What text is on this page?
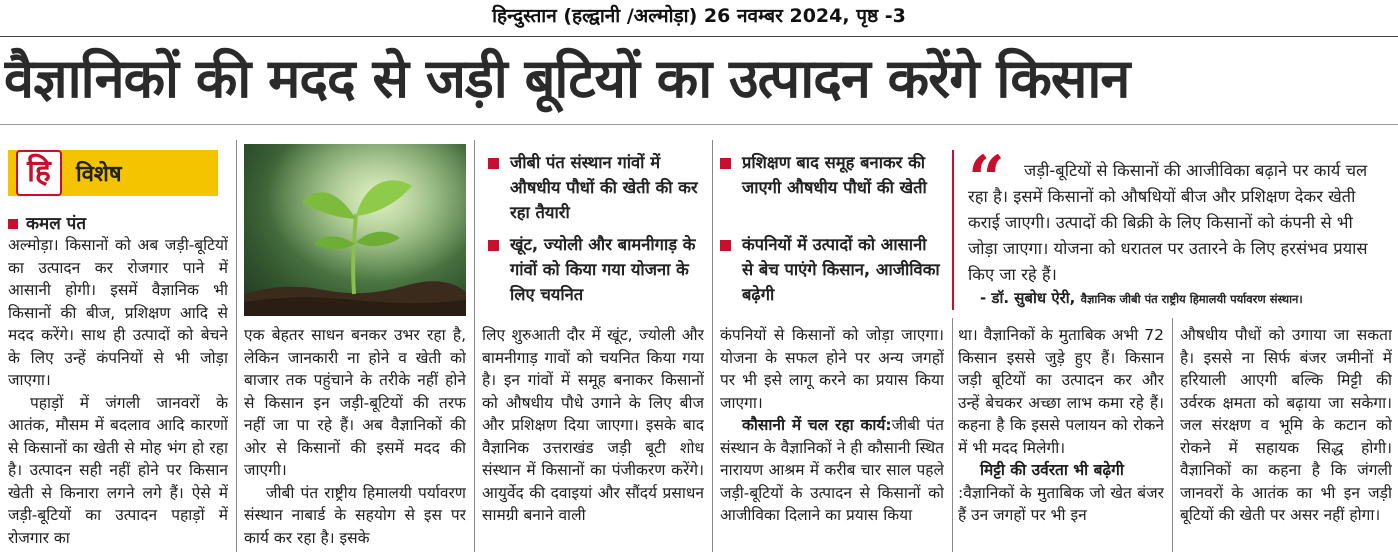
हिन्दुस्तान (हल्द्वानी /अल्मोड़ा) 26 नवम्बर 2024, पृष्ठ -3
वैज्ञानिकों की मदद से जड़ी बूटियों का उत्पादन करेंगे किसान
हि	विशेष
कमल पंत

अल्मोड़ा। किसानों को अब जड़ी-बूटियों का उत्पादन कर रोजगार पाने में आसानी होगी। इसमें वैज्ञानिक भी किसानों की बीज, प्रशिक्षण आदि से मदद करेंगे। साथ ही उत्पादों को बेचने के लिए उन्हें कंपनियों से भी जोड़ा जाएगा।

पहाड़ों में जंगली जानवरों के आतंक, मौसम में बदलाव आदि कारणों से किसानों का खेती से मोह भंग हो रहा है। उत्पादन सही नहीं होने पर किसान खेती से किनारा लगने लगे हैं। ऐसे में जड़ी-बूटियों का उत्पादन पहाड़ों में रोजगार का

एक बेहतर साधन बनकर उभर रहा है, लेकिन जानकारी ना होने व खेती को बाजार तक पहुंचाने के तरीके नहीं होने से किसान इन जड़ी-बूटियों की तरफ नहीं जा पा रहे हैं। अब वैज्ञानिकों की ओर से किसानों की इसमें मदद की जाएगी।

जीबी पंत राष्ट्रीय हिमालयी पर्यावरण संस्थान नाबार्ड के सहयोग से इस पर कार्य कर रहा है। इसके

जीबी पंत संस्थान गांवों में औषधीय पौधों की खेती की कर रहा तैयारी
खूंट, ज्योली और बामनीगाड़ के गांवों को किया गया योजना के लिए चयनित

लिए शुरुआती दौर में खूंट, ज्योली और बामनीगाड़ गावों को चयनित किया गया है। इन गांवों में समूह बनाकर किसानों को औषधीय पौधे उगाने के लिए बीज और प्रशिक्षण दिया जाएगा। इसके बाद वैज्ञानिक उत्तराखंड जड़ी बूटी शोध संस्थान में किसानों का पंजीकरण करेंगे। आयुर्वेद की दवाइयां और सौंदर्य प्रसाधन सामग्री बनाने वाली

प्रशिक्षण बाद समूह बनाकर की जाएगी औषधीय पौधों की खेती
कंपनियों में उत्पादों को आसानी से बेच पाएंगे किसान, आजीविका बढ़ेगी

कंपनियों से किसानों को जोड़ा जाएगा। योजना के सफल होने पर अन्य जगहों पर भी इसे लागू करने का प्रयास किया जाएगा।

कौसानी में चल रहा कार्य:जीबी पंत संस्थान के वैज्ञानिकों ने ही कौसानी स्थित नारायण आश्रम में करीब चार साल पहले जड़ी-बूटियों के उत्पादन से किसानों को आजीविका दिलाने का प्रयास किया

“	जड़ी-बूटियों से किसानों की आजीविका बढ़ाने पर कार्य चल रहा है। इसमें किसानों को औषधियों बीज और प्रशिक्षण देकर खेती कराई जाएगी। उत्पादों की बिक्री के लिए किसानों को कंपनी से भी जोड़ा जाएगा। योजना को धरातल पर उतारने के लिए हरसंभव प्रयास किए जा रहे हैं।
- डॉ. सुबोध ऐरी, वैज्ञानिक जीबी पंत राष्ट्रीय हिमालयी पर्यावरण संस्थान।

था। वैज्ञानिकों के मुताबिक अभी 72 किसान इससे जुड़े हुए हैं। किसान जड़ी बूटियों का उत्पादन कर और उन्हें बेचकर अच्छा लाभ कमा रहे हैं। कहना है कि इससे पलायन को रोकने में भी मदद मिलेगी।

मिट्टी की उर्वरता भी बढ़ेगी

:वैज्ञानिकों के मुताबिक जो खेत बंजर हैं उन जगहों पर भी इन

औषधीय पौधों को उगाया जा सकता है। इससे ना सिर्फ बंजर जमीनों में हरियाली आएगी बल्कि मिट्टी की उर्वरक क्षमता को बढ़ाया जा सकेगा। जल संरक्षण व भूमि के कटान को रोकने में सहायक सिद्ध होगी। वैज्ञानिकों का कहना है कि जंगली जानवरों के आतंक का भी इन जड़ी बूटियों की खेती पर असर नहीं होगा।
